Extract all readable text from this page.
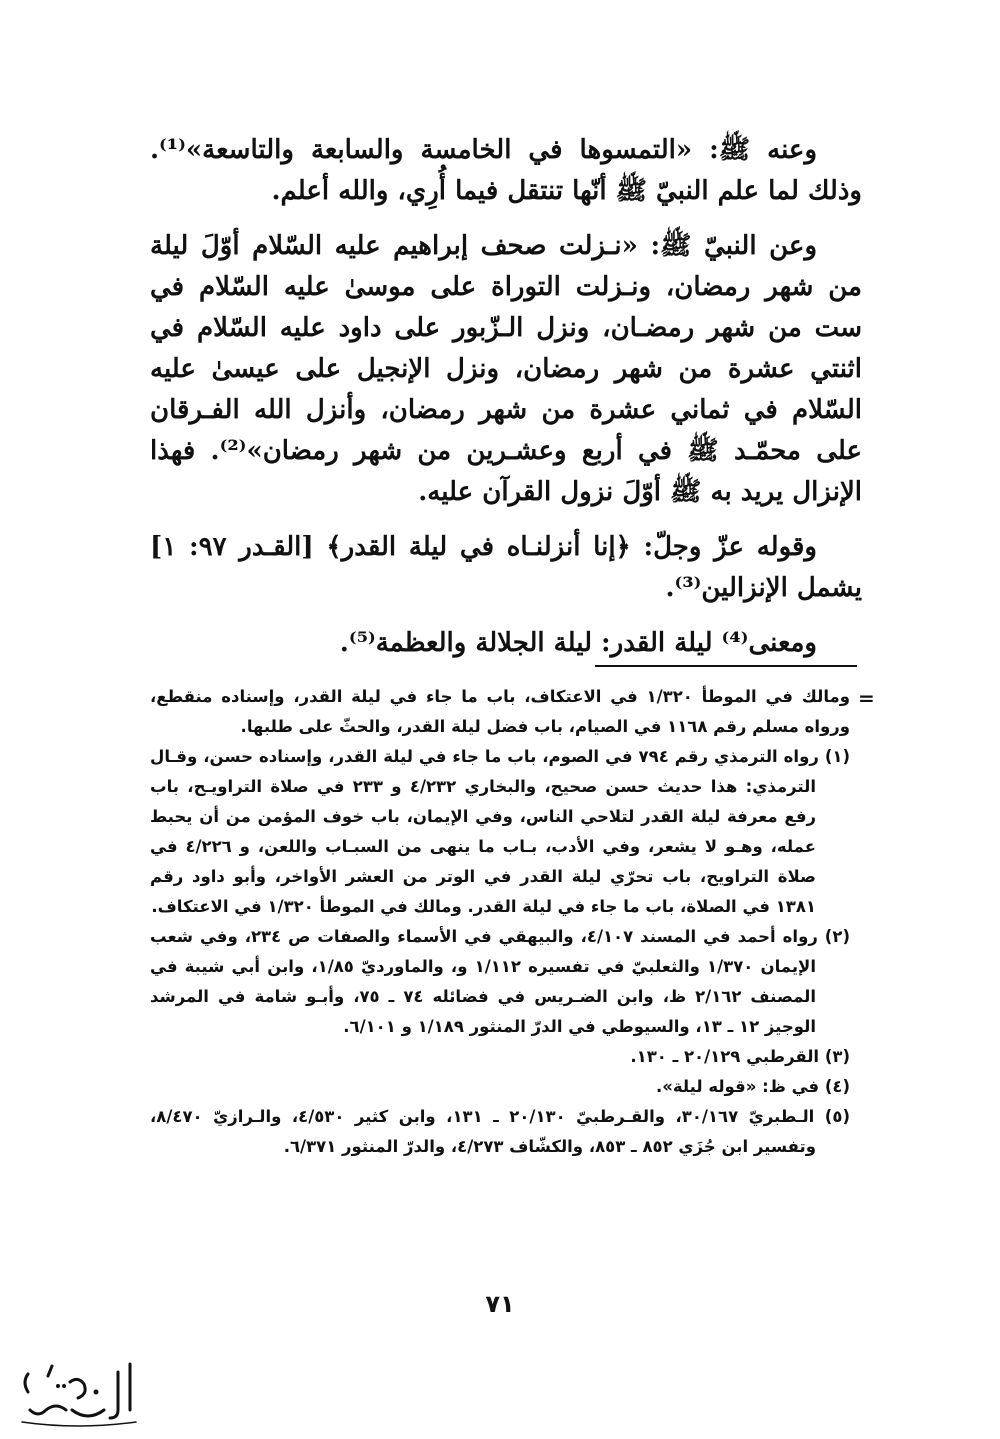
وعنه ﷺ: «التمسوها في الخامسة والسابعة والتاسعة»⁽¹⁾. وذلك لما علم النبيّ ﷺ أنّها تنتقل فيما أُرِي، والله أعلم.

وعن النبيّ ﷺ: «نـزلت صحف إبراهيم عليه السّلام أوّلَ ليلة من شهر رمضان، ونـزلت التوراة على موسىٰ عليه السّلام في ست من شهر رمضـان، ونزل الـزّبور على داود عليه السّلام في اثنتي عشرة من شهر رمضان، ونزل الإنجيل على عيسىٰ عليه السّلام في ثماني عشرة من شهر رمضان، وأنزل الله الفـرقان على محمّـد ﷺ في أربع وعشـرين من شهر رمضان»⁽²⁾. فهذا الإنزال يريد به ﷺ أوّلَ نزول القرآن عليه.

وقوله عزّ وجلّ: ﴿إنا أنزلنـاه في ليلة القدر﴾ [القـدر ٩٧: ١] يشمل الإنزالين⁽³⁾.

ومعنى⁽⁴⁾ ليلة القدر: ليلة الجلالة والعظمة⁽⁵⁾.

=

ومالك في الموطأ ١/٣٢٠ في الاعتكاف، باب ما جاء في ليلة القدر، وإسناده منقطع، ورواه مسلم رقم ١١٦٨ في الصيام، باب فضل ليلة القدر، والحثّ على طلبها.

(١) رواه الترمذي رقم ٧٩٤ في الصوم، باب ما جاء في ليلة القدر، وإسناده حسن، وقـال الترمذي: هذا حديث حسن صحيح، والبخاري ٤/٢٣٢ و ٢٣٣ في صلاة التراويـح، باب رفع معرفة ليلة القدر لتلاحي الناس، وفي الإيمان، باب خوف المؤمن من أن يحبط عمله، وهـو لا يشعر، وفي الأدب، بـاب ما ينهى من السبـاب واللعن، و ٤/٢٢٦ في صلاة التراويح، باب تحرّي ليلة القدر في الوتر من العشر الأواخر، وأبو داود رقم ١٣٨١ في الصلاة، باب ما جاء في ليلة القدر. ومالك في الموطأ ١/٣٢٠ في الاعتكاف.

(٢) رواه أحمد في المسند ٤/١٠٧، والبيهقي في الأسماء والصفات ص ٢٣٤، وفي شعب الإيمان ١/٣٧٠ والثعلبيّ في تفسيره ١/١١٢ و، والماورديّ ١/٨٥، وابن أبي شيبة في المصنف ٢/١٦٢ ظ، وابن الضـريس في فضائله ٧٤ ـ ٧٥، وأبـو شامة في المرشد الوجيز ١٢ ـ ١٣، والسيوطي في الدرّ المنثور ١/١٨٩ و ٦/١٠١.

(٣) القرطبي ٢٠/١٢٩ ـ ١٣٠.

(٤) في ظ: «قوله ليلة».

(٥) الـطبريّ ٣٠/١٦٧، والقـرطبيّ ٢٠/١٣٠ ـ ١٣١، وابن كثير ٤/٥٣٠، والـرازيّ ٨/٤٧٠، وتفسير ابن جُزَي ٨٥٢ ـ ٨٥٣، والكشّاف ٤/٢٧٣، والدرّ المنثور ٦/٣٧١.

٧١
